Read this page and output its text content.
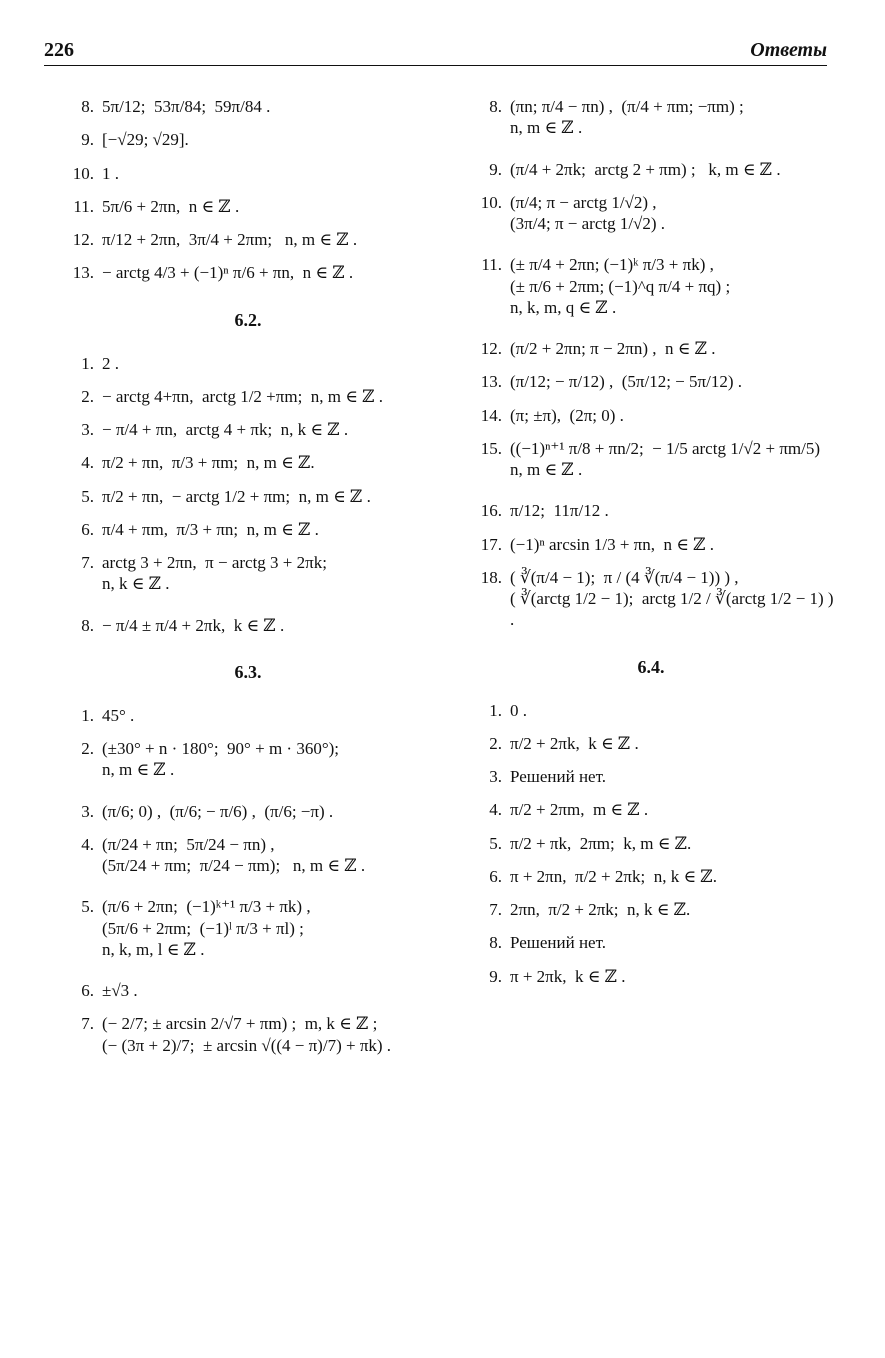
226	Ответы
8. 5π/12;  53π/84;  59π/84 .
9. [−√29; √29].
10. 1 .
11. 5π/6 + 2πn,  n ∈ ℤ .
12. π/12 + 2πn,  3π/4 + 2πm;   n, m ∈ ℤ .
13. − arctg 4/3 + (−1)ⁿ π/6 + πn,  n ∈ ℤ .
6.2.
1. 2 .
2. − arctg 4+πn,  arctg 1/2 +πm;  n, m ∈ ℤ .
3. − π/4 + πn,  arctg 4 + πk;  n, k ∈ ℤ .
4. π/2 + πn,  π/3 + πm;  n, m ∈ ℤ.
5. π/2 + πn,  − arctg 1/2 + πm;  n, m ∈ ℤ .
6. π/4 + πm,  π/3 + πn;  n, m ∈ ℤ .
7. arctg 3 + 2πn,  π − arctg 3 + 2πk;
n, k ∈ ℤ .
8. − π/4 ± π/4 + 2πk,  k ∈ ℤ .
6.3.
1. 45° .
2. (±30° + n · 180°;  90° + m · 360°);
n, m ∈ ℤ .
3. (π/6; 0) ,  (π/6; − π/6) ,  (π/6; −π) .
4. (π/24 + πn;  5π/24 − πn) ,
(5π/24 + πm;  π/24 − πm);   n, m ∈ ℤ .
5. (π/6 + 2πn;  (−1)ᵏ⁺¹ π/3 + πk) ,
(5π/6 + 2πm;  (−1)ˡ π/3 + πl) ;
n, k, m, l ∈ ℤ .
6. ±√3 .
7. (− 2/7; ± arcsin 2/√7 + πm) ;  m, k ∈ ℤ ;
(− (3π + 2)/7;  ± arcsin √((4 − π)/7) + πk) .
8. (πn; π/4 − πn) ,  (π/4 + πm; −πm) ;
n, m ∈ ℤ .
9. (π/4 + 2πk;  arctg 2 + πm) ;   k, m ∈ ℤ .
10. (π/4; π − arctg 1/√2) ,
(3π/4; π − arctg 1/√2) .
11. (± π/4 + 2πn; (−1)ᵏ π/3 + πk) ,
(± π/6 + 2πm; (−1)^q π/4 + πq) ;
n, k, m, q ∈ ℤ .
12. (π/2 + 2πn; π − 2πn) ,  n ∈ ℤ .
13. (π/12; − π/12) ,  (5π/12; − 5π/12) .
14. (π; ±π),  (2π; 0) .
15. ((−1)ⁿ⁺¹ π/8 + πn/2;  − 1/5 arctg 1/√2 + πm/5)
n, m ∈ ℤ .
16. π/12;  11π/12 .
17. (−1)ⁿ arcsin 1/3 + πn,  n ∈ ℤ .
18. ( ∛(π/4 − 1);  π / (4 ∛(π/4 − 1)) ) ,
( ∛(arctg 1/2 − 1);  arctg 1/2 / ∛(arctg 1/2 − 1) ) .
6.4.
1. 0 .
2. π/2 + 2πk,  k ∈ ℤ .
3. Решений нет.
4. π/2 + 2πm,  m ∈ ℤ .
5. π/2 + πk,  2πm;  k, m ∈ ℤ.
6. π + 2πn,  π/2 + 2πk;  n, k ∈ ℤ.
7. 2πn,  π/2 + 2πk;  n, k ∈ ℤ.
8. Решений нет.
9. π + 2πk,  k ∈ ℤ .
